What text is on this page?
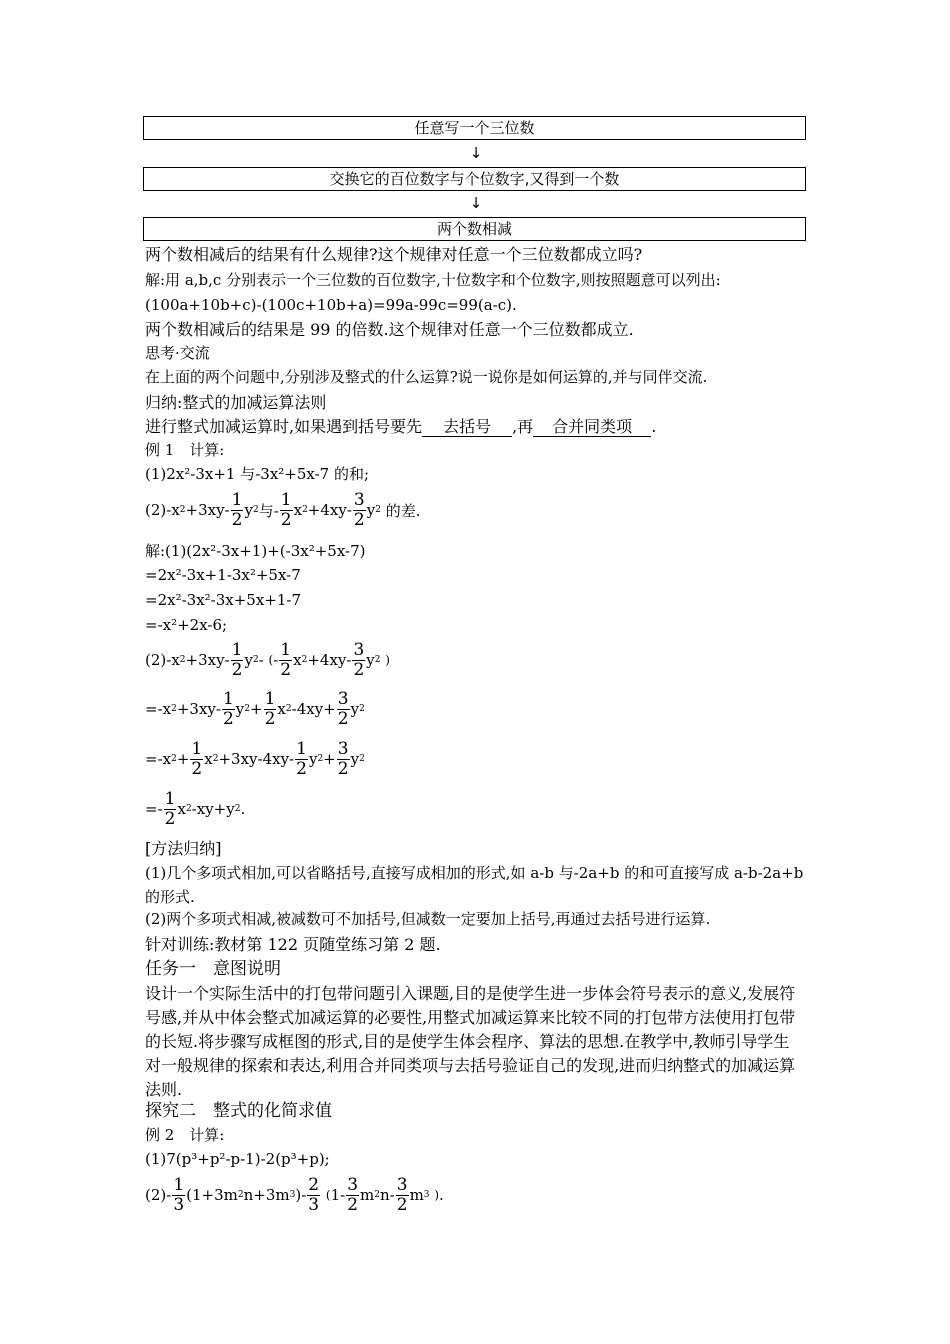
任意写一个三位数
↓
交换它的百位数字与个位数字,又得到一个数
↓
两个数相减
两个数相减后的结果有什么规律?这个规律对任意一个三位数都成立吗?
解:用 a,b,c 分别表示一个三位数的百位数字,十位数字和个位数字,则按照题意可以列出:
(100a+10b+c)-(100c+10b+a)=99a-99c=99(a-c).
两个数相减后的结果是 99 的倍数.这个规律对任意一个三位数都成立.
思考·交流
在上面的两个问题中,分别涉及整式的什么运算?说一说你是如何运算的,并与同伴交流.
归纳:整式的加减运算法则
进行整式加减运算时,如果遇到括号要先 去括号 ,再 合并同类项 .
例 1　计算:
(1)2x²-3x+1 与-3x²+5x-7 的和;
(2) -x $2 +3xy- \frac{1}{2}$ y 2 与- $\frac{1}{2}$ x $2 +4xy- \frac{3}{2}$ y 2
的差.
解:(1)(2x²-3x+1)+(-3x²+5x-7)
=2x²-3x+1-3x²+5x-7
=2x²-3x²-3x+5x+1-7
=-x²+2x-6;
(2) -x $2 +3xy- \frac{1}{2}$ y 2 - ( - $\frac{1}{2}$ x $2 +4xy- \frac{3}{2}$ y 2
)
=-x $2 +3xy- \frac{1}{2}$ y $2 + \frac{1}{2}$ x 2 $-4xy+ \frac{3}{2}$ y 2
=-x $2 + \frac{1}{2}$ x $2 +3xy-4xy- \frac{1}{2}$ y $2 + \frac{3}{2}$ y 2
=- $\frac{1}{2}$ x 2 -xy+y 2 .
[方法归纳]
(1)几个多项式相加,可以省略括号,直接写成相加的形式,如 a-b 与-2a+b 的和可直接写成 a-b-2a+b 的形式.
(2)两个多项式相减,被减数可不加括号,但减数一定要加上括号,再通过去括号进行运算.
针对训练:教材第 122 页随堂练习第 2 题.
任务一　意图说明
设计一个实际生活中的打包带问题引入课题,目的是使学生进一步体会符号表示的意义,发展符号感,并从中体会整式加减运算的必要性,用整式加减运算来比较不同的打包带方法使用打包带的长短.将步骤写成框图的形式,目的是使学生体会程序、算法的思想.在教学中,教师引导学生对一般规律的探索和表达,利用合并同类项与去括号验证自己的发现,进而归纳整式的加减运算法则.
探究二　整式的化简求值
例 2　计算:
(1)7(p³+p²-p-1)-2(p³+p);
$(2) - \frac{1}{3} (1+3m$ 2 n+3m 3 )- $\frac{2}{3}$
( $1- \frac{3}{2}$ m 2 $n- \frac{3}{2}$ m 3
) .
